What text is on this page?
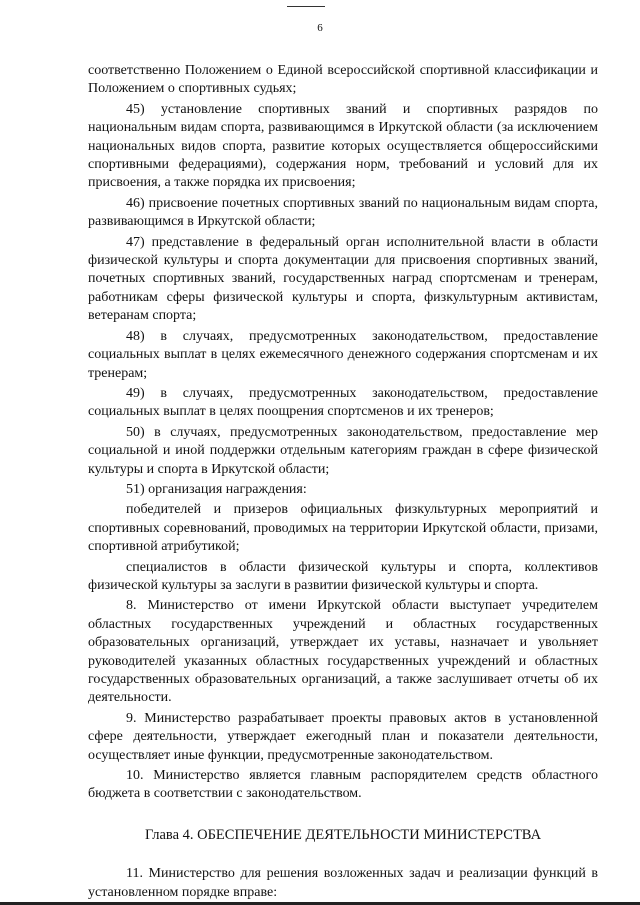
6

соответственно Положением о Единой всероссийской спортивной классификации и Положением о спортивных судьях;

45) установление спортивных званий и спортивных разрядов по национальным видам спорта, развивающимся в Иркутской области (за исключением национальных видов спорта, развитие которых осуществляется общероссийскими спортивными федерациями), содержания норм, требований и условий для их присвоения, а также порядка их присвоения;

46) присвоение почетных спортивных званий по национальным видам спорта, развивающимся в Иркутской области;

47) представление в федеральный орган исполнительной власти в области физической культуры и спорта документации для присвоения спортивных званий, почетных спортивных званий, государственных наград спортсменам и тренерам, работникам сферы физической культуры и спорта, физкультурным активистам, ветеранам спорта;

48) в случаях, предусмотренных законодательством, предоставление социальных выплат в целях ежемесячного денежного содержания спортсменам и их тренерам;

49) в случаях, предусмотренных законодательством, предоставление социальных выплат в целях поощрения спортсменов и их тренеров;

50) в случаях, предусмотренных законодательством, предоставление мер социальной и иной поддержки отдельным категориям граждан в сфере физической культуры и спорта в Иркутской области;

51) организация награждения:

победителей и призеров официальных физкультурных мероприятий и спортивных соревнований, проводимых на территории Иркутской области, призами, спортивной атрибутикой;

специалистов в области физической культуры и спорта, коллективов физической культуры за заслуги в развитии физической культуры и спорта.

8. Министерство от имени Иркутской области выступает учредителем областных государственных учреждений и областных государственных образовательных организаций, утверждает их уставы, назначает и увольняет руководителей указанных областных государственных учреждений и областных государственных образовательных организаций, а также заслушивает отчеты об их деятельности.

9. Министерство разрабатывает проекты правовых актов в установленной сфере деятельности, утверждает ежегодный план и показатели деятельности, осуществляет иные функции, предусмотренные законодательством.

10. Министерство является главным распорядителем средств областного бюджета в соответствии с законодательством.

Глава 4. ОБЕСПЕЧЕНИЕ ДЕЯТЕЛЬНОСТИ МИНИСТЕРСТВА

11. Министерство для решения возложенных задач и реализации функций в установленном порядке вправе:
